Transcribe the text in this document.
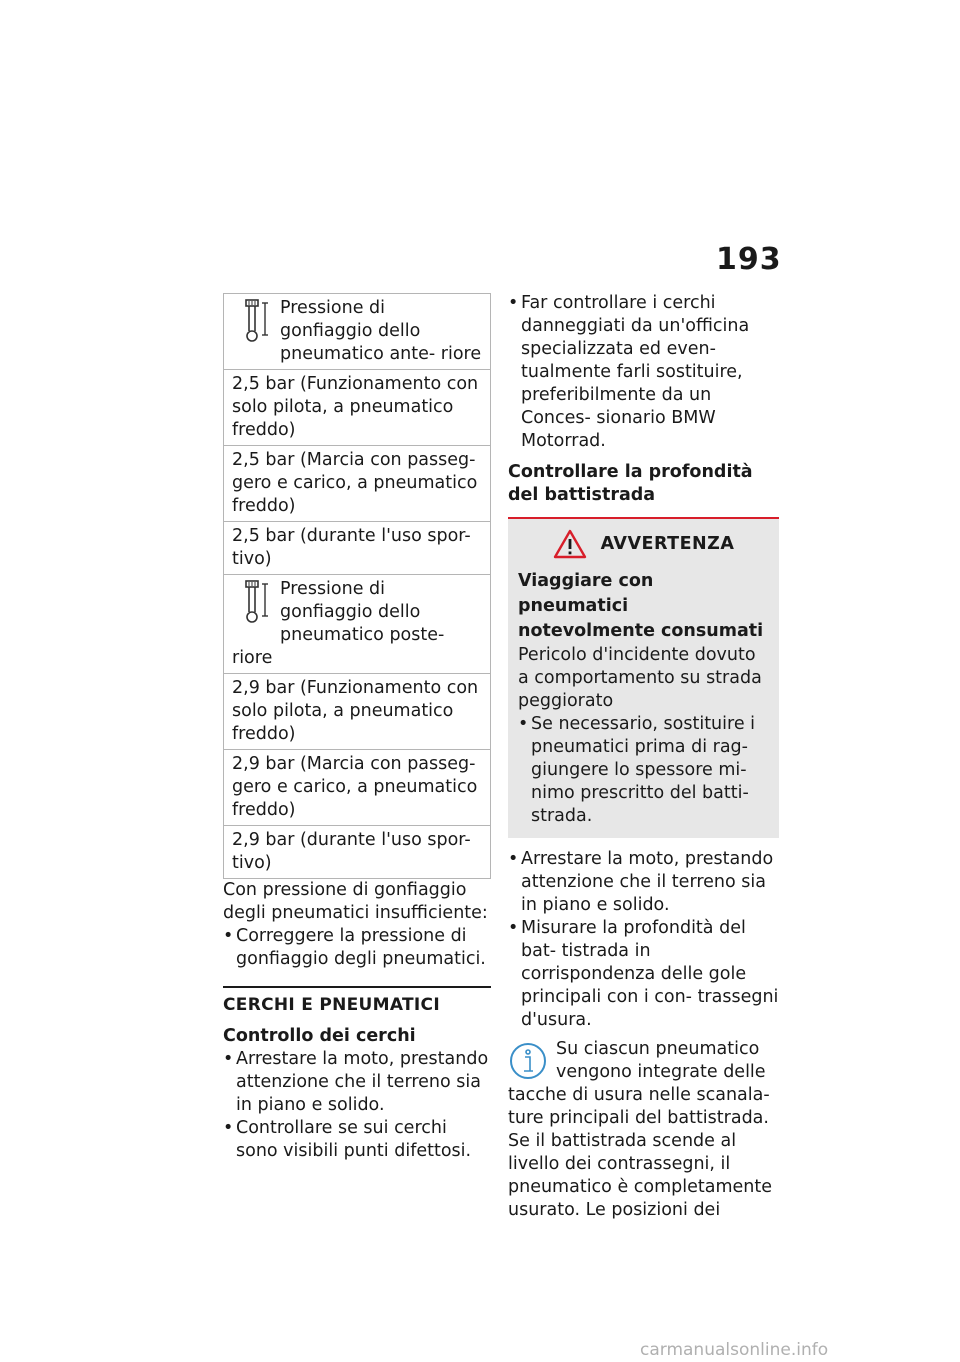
193
Pressione di gonfiaggio dello pneumatico ante- riore
2,5 bar (Funzionamento con solo pilota, a pneumatico freddo)
2,5 bar (Marcia con passeg- gero e carico, a pneumatico freddo)
2,5 bar (durante l'uso spor- tivo)

Pressione di gonfiaggio dello pneumatico poste- riore
2,9 bar (Funzionamento con solo pilota, a pneumatico freddo)
2,9 bar (Marcia con passeg- gero e carico, a pneumatico freddo)
2,9 bar (durante l'uso spor- tivo)

Con pressione di gonfiaggio degli pneumatici insufficiente:

• Correggere la pressione di gonfiaggio degli pneumatici.
CERCHI E PNEUMATICI
Controllo dei cerchi
• Arrestare la moto, prestando attenzione che il terreno sia in piano e solido.
• Controllare se sui cerchi sono visibili punti difettosi.
• Far controllare i cerchi danneggiati da un'officina specializzata ed even- tualmente farli sostituire, preferibilmente da un Conces- sionario BMW Motorrad.
Controllare la profondità del battistrada
AVVERTENZA
Viaggiare con pneumatici notevolmente consumati
Pericolo d'incidente dovuto a comportamento su strada peggiorato
• Se necessario, sostituire i pneumatici prima di rag- giungere lo spessore mi- nimo prescritto del batti- strada.
• Arrestare la moto, prestando attenzione che il terreno sia in piano e solido.
• Misurare la profondità del bat- tistrada in corrispondenza delle gole principali con i con- trassegni d'usura.
Su ciascun pneumatico vengono integrate delle tacche di usura nelle scanala- ture principali del battistrada. Se il battistrada scende al livello dei contrassegni, il pneumatico è completamente usurato. Le posizioni dei
carmanualsonline.info
